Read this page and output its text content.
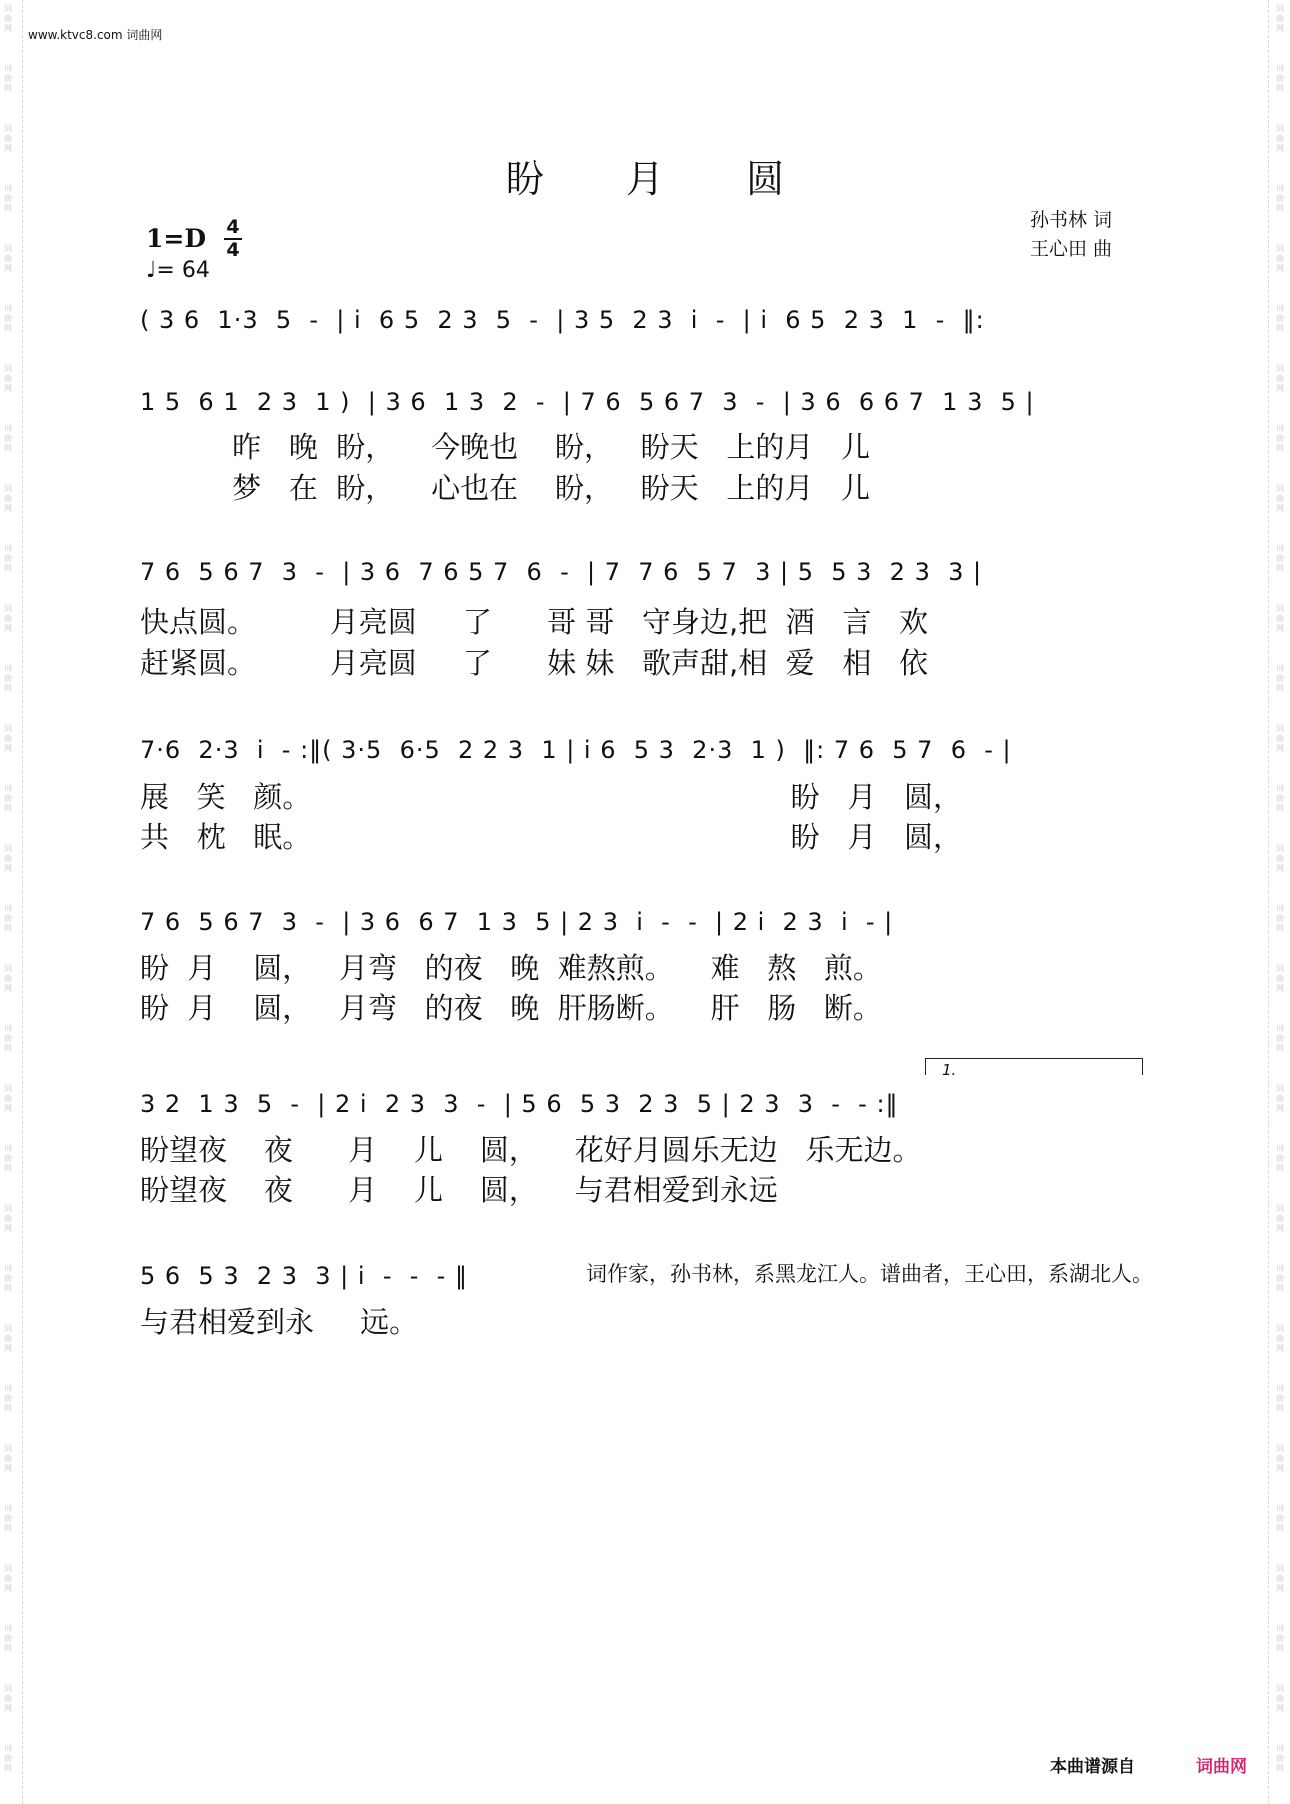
词曲网
词曲网
词曲网
词曲网
词曲网
词曲网
词曲网
词曲网
词曲网
词曲网
词曲网
词曲网
词曲网
词曲网
词曲网
词曲网
词曲网
词曲网
词曲网
词曲网
词曲网
词曲网
词曲网
词曲网
词曲网
词曲网
词曲网
词曲网
词曲网
词曲网
词曲网
词曲网
词曲网
词曲网
词曲网
词曲网
词曲网
词曲网
词曲网
词曲网
词曲网
词曲网
词曲网
词曲网
词曲网
词曲网
词曲网
词曲网
词曲网
词曲网
词曲网
词曲网
词曲网
词曲网
词曲网
词曲网
词曲网
词曲网
词曲网
词曲网
www.ktvc8.com 词曲网
盼 月 圆
$1=D \frac{4}{4}$
♩= 64
孙书林 词
王心田 曲
( 3 6  1·3  5  -  | i  6 5  2 3  5  -  | 3 5  2 3  i  -  | i  6 5  2 3  1  -  ‖:
1 5  6 1  2 3  1 )  | 3 6  1 3  2  -  | 7 6  5 6 7  3  -  | 3 6  6 6 7  1 3  5 |
昨   晚  盼，    今晚也    盼，   盼天   上的月   儿
梦   在  盼，    心也在    盼，   盼天   上的月   儿
7 6  5 6 7  3  -  | 3 6  7 6 5 7  6  -  | 7  7 6  5 7  3 | 5  5 3  2 3  3 |
快点圆。        月亮圆     了      哥 哥   守身边,把  酒   言   欢
赶紧圆。        月亮圆     了      妹 妹   歌声甜,相  爱   相   依
7·6  2·3  i  - :‖( 3·5  6·5  2 2 3  1 | i 6  5 3  2·3  1 )  ‖: 7 6  5 7  6  - |
展   笑   颜。                                                    盼   月   圆，
共   枕   眠。                                                    盼   月   圆，
7 6  5 6 7  3  -  | 3 6  6 7  1 3  5 | 2 3  i  -  -  | 2 i  2 3  i  - |
盼  月    圆，   月弯   的夜   晚  难熬煎。    难   熬   煎。
盼  月    圆，   月弯   的夜   晚  肝肠断。    肝   肠   断。
1.
3 2  1 3  5  -  | 2 i  2 3  3  -  | 5 6  5 3  2 3  5 | 2 3  3  -  - :‖
盼望夜    夜      月    儿    圆，    花好月圆乐无边   乐无边。
盼望夜    夜      月    儿    圆，    与君相爱到永远
5 6  5 3  2 3  3 | i  -  -  - ‖	词作家，孙书林，系黑龙江人。谱曲者，王心田，系湖北人。
与君相爱到永     远。
本曲谱源自	词曲网
